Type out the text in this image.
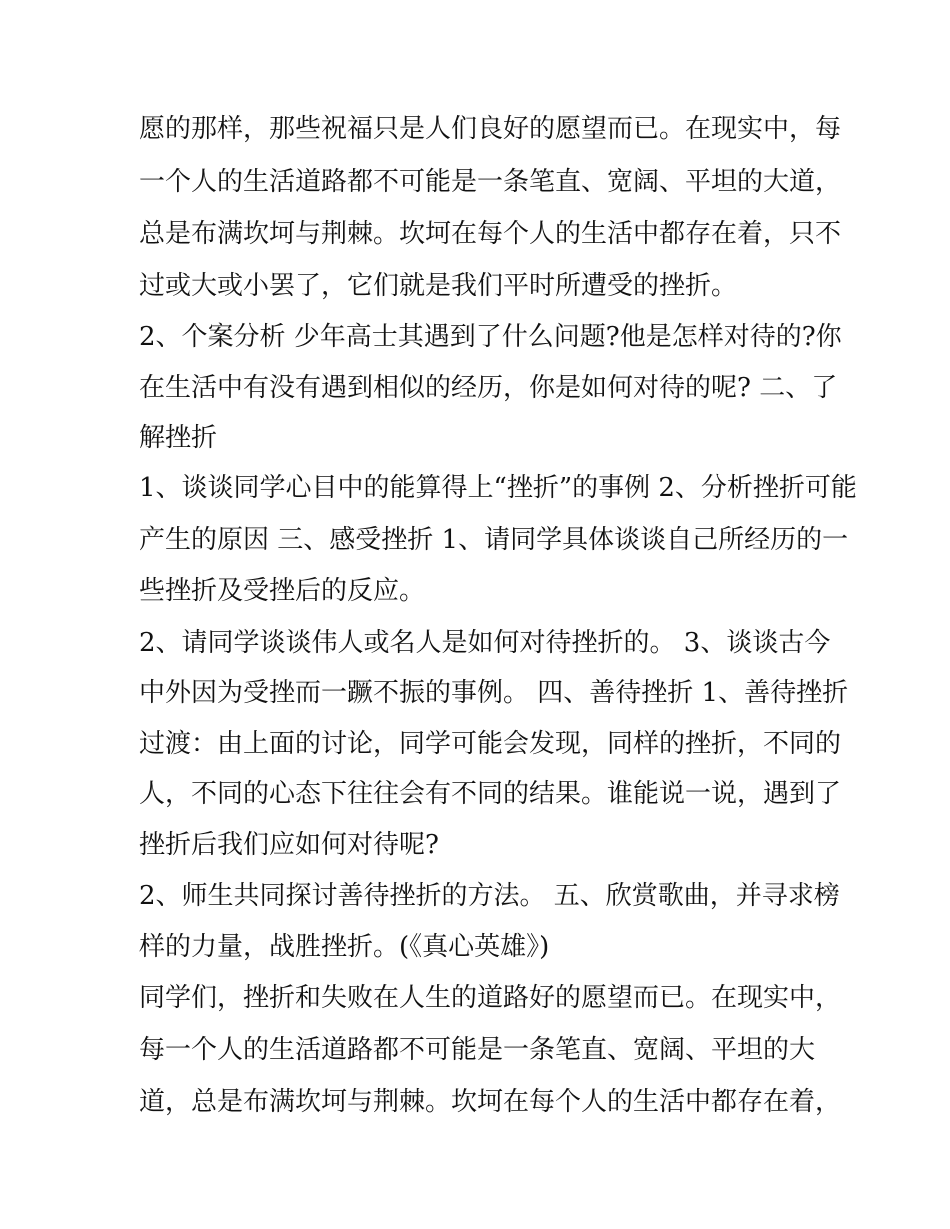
愿的那样，那些祝福只是人们良好的愿望而已。在现实中，每
一个人的生活道路都不可能是一条笔直、宽阔、平坦的大道，
总是布满坎坷与荆棘。坎坷在每个人的生活中都存在着，只不
过或大或小罢了，它们就是我们平时所遭受的挫折。
2、个案分析 少年高士其遇到了什么问题?他是怎样对待的?你
在生活中有没有遇到相似的经历，你是如何对待的呢? 二、了
解挫折
1、谈谈同学心目中的能算得上“挫折”的事例 2、分析挫折可能
产生的原因 三、感受挫折 1、请同学具体谈谈自己所经历的一
些挫折及受挫后的反应。
2、请同学谈谈伟人或名人是如何对待挫折的。 3、谈谈古今
中外因为受挫而一蹶不振的事例。 四、善待挫折 1、善待挫折
过渡：由上面的讨论，同学可能会发现，同样的挫折，不同的
人，不同的心态下往往会有不同的结果。谁能说一说，遇到了
挫折后我们应如何对待呢?
2、师生共同探讨善待挫折的方法。 五、欣赏歌曲，并寻求榜
样的力量，战胜挫折。(《真心英雄》)
同学们，挫折和失败在人生的道路好的愿望而已。在现实中，
每一个人的生活道路都不可能是一条笔直、宽阔、平坦的大
道，总是布满坎坷与荆棘。坎坷在每个人的生活中都存在着，
